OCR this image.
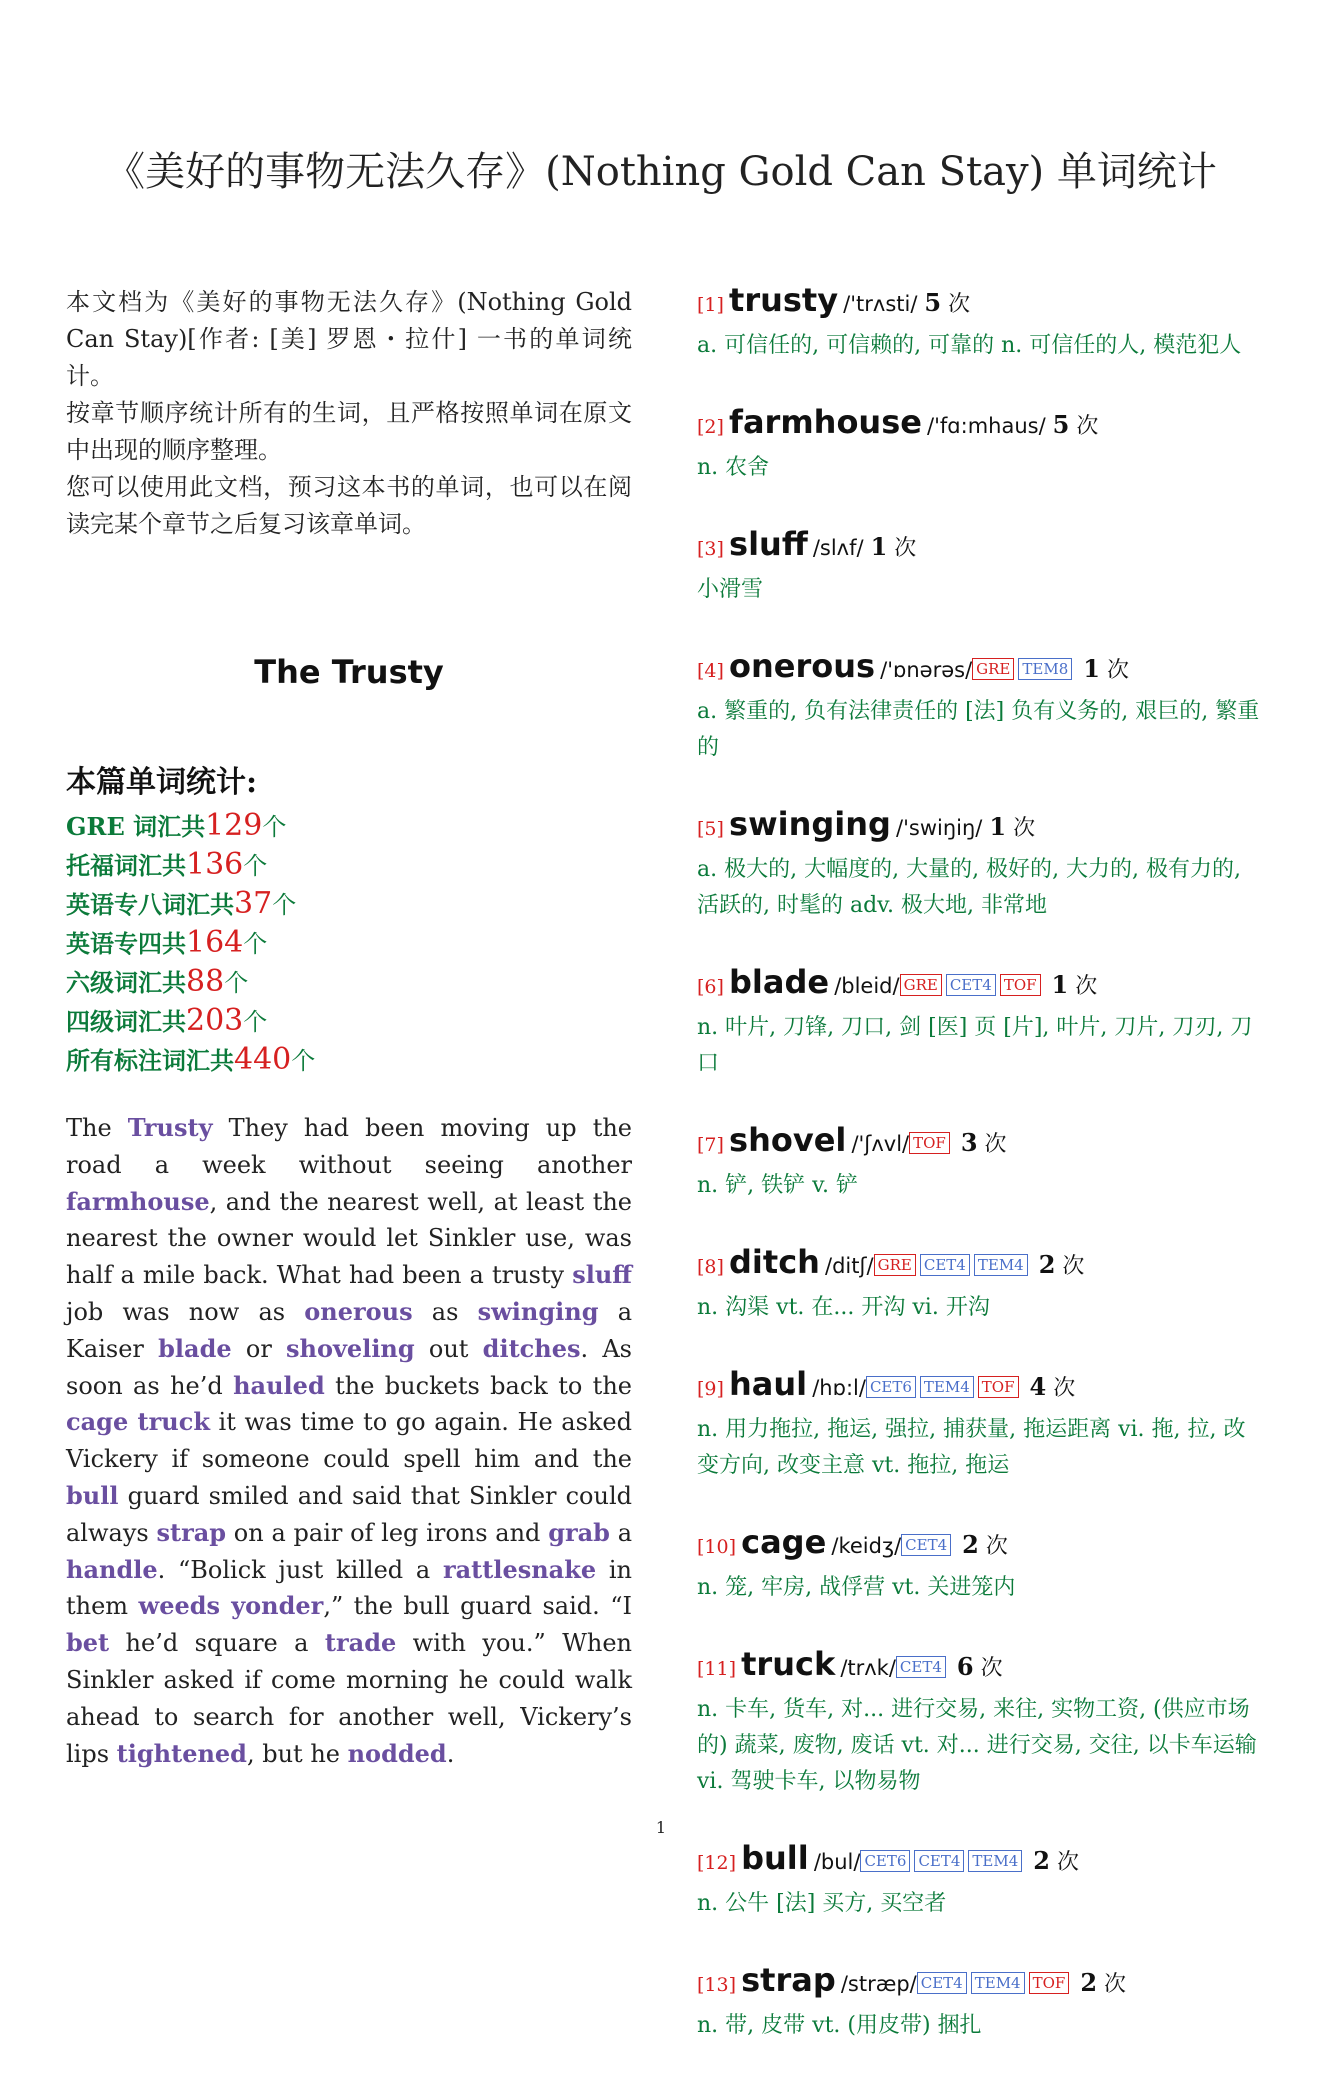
《美好的事物无法久存》(Nothing Gold Can Stay) 单词统计

本文档为《美好的事物无法久存》(Nothing Gold Can Stay)[作者: [美] 罗恩・拉什] 一书的单词统计。

按章节顺序统计所有的生词，且严格按照单词在原文中出现的顺序整理。

您可以使用此文档，预习这本书的单词，也可以在阅读完某个章节之后复习该章单词。

The Trusty
本篇单词统计:
GRE 词汇共129个
托福词汇共136个
英语专八词汇共37个
英语专四共164个
六级词汇共88个
四级词汇共203个
所有标注词汇共440个
The Trusty They had been moving up the road a week without seeing another farmhouse, and the nearest well, at least the nearest the owner would let Sinkler use, was half a mile back. What had been a trusty sluff job was now as onerous as swinging a Kaiser blade or shoveling out ditches. As soon as he’d hauled the buckets back to the cage truck it was time to go again. He asked Vickery if someone could spell him and the bull guard smiled and said that Sinkler could always strap on a pair of leg irons and grab a handle. “Bolick just killed a rattlesnake in them weeds yonder,” the bull guard said. “I bet he’d square a trade with you.” When Sinkler asked if come morning he could walk ahead to search for another well, Vickery’s lips tightened, but he nodded.
[1] trusty /'trʌsti/ 5 次
a. 可信任的, 可信赖的, 可靠的 n. 可信任的人, 模范犯人
[2] farmhouse /'fɑ:mhaus/ 5 次
n. 农舍
[3] sluff /slʌf/ 1 次
小滑雪
[4] onerous /'ɒnərəs/ GRE TEM8 1 次
a. 繁重的, 负有法律责任的 [法] 负有义务的, 艰巨的, 繁重的
[5] swinging /'swiŋiŋ/ 1 次
a. 极大的, 大幅度的, 大量的, 极好的, 大力的, 极有力的, 活跃的, 时髦的 adv. 极大地, 非常地
[6] blade /bleid/ GRE CET4 TOF 1 次
n. 叶片, 刀锋, 刀口, 剑 [医] 页 [片], 叶片, 刀片, 刀刃, 刀口
[7] shovel /'ʃʌvl/ TOF 3 次
n. 铲, 铁铲 v. 铲
[8] ditch /ditʃ/ GRE CET4 TEM4 2 次
n. 沟渠 vt. 在... 开沟 vi. 开沟
[9] haul /hɒ:l/ CET6 TEM4 TOF 4 次
n. 用力拖拉, 拖运, 强拉, 捕获量, 拖运距离 vi. 拖, 拉, 改变方向, 改变主意 vt. 拖拉, 拖运
[10] cage /keidʒ/ CET4 2 次
n. 笼, 牢房, 战俘营 vt. 关进笼内
[11] truck /trʌk/ CET4 6 次
n. 卡车, 货车, 对... 进行交易, 来往, 实物工资, (供应市场的) 蔬菜, 废物, 废话 vt. 对... 进行交易, 交往, 以卡车运输 vi. 驾驶卡车, 以物易物
[12] bull /bul/ CET6 CET4 TEM4 2 次
n. 公牛 [法] 买方, 买空者
[13] strap /stræp/ CET4 TEM4 TOF 2 次
n. 带, 皮带 vt. (用皮带) 捆扎
1
